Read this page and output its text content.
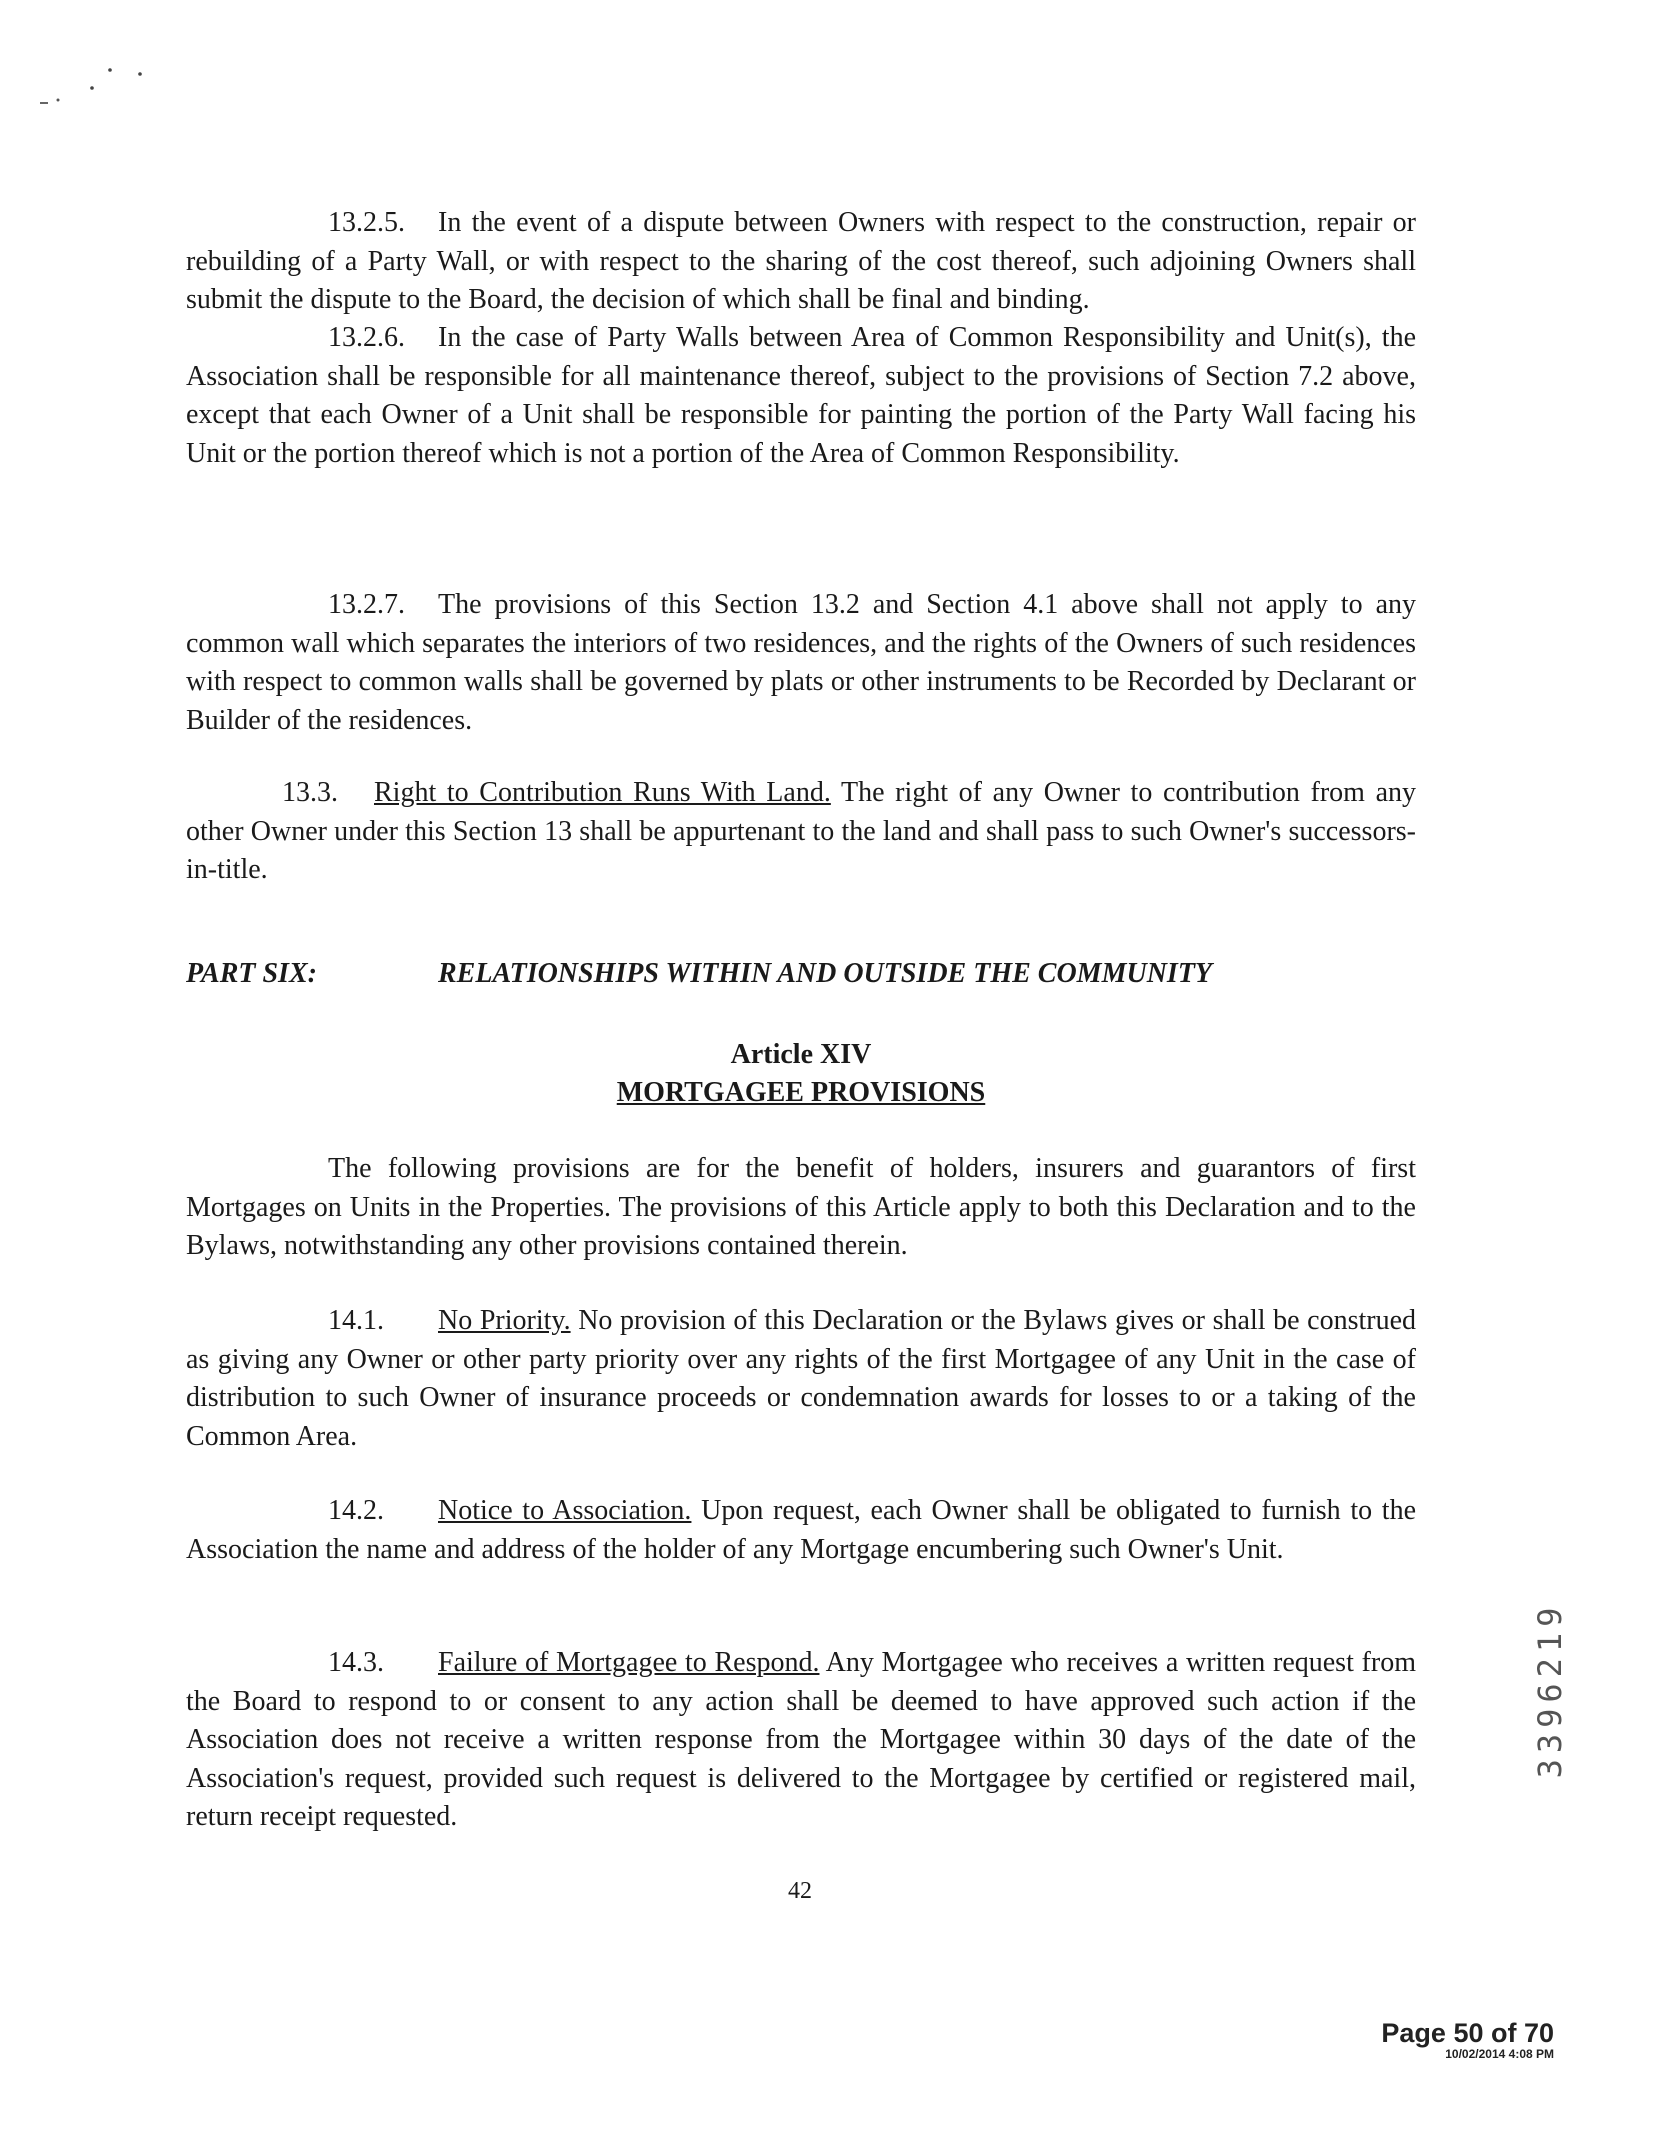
13.2.5. In the event of a dispute between Owners with respect to the construction, repair or rebuilding of a Party Wall, or with respect to the sharing of the cost thereof, such adjoining Owners shall submit the dispute to the Board, the decision of which shall be final and binding.

13.2.6. In the case of Party Walls between Area of Common Responsibility and Unit(s), the Association shall be responsible for all maintenance thereof, subject to the provisions of Section 7.2 above, except that each Owner of a Unit shall be responsible for painting the portion of the Party Wall facing his Unit or the portion thereof which is not a portion of the Area of Common Responsibility.

13.2.7. The provisions of this Section 13.2 and Section 4.1 above shall not apply to any common wall which separates the interiors of two residences, and the rights of the Owners of such residences with respect to common walls shall be governed by plats or other instruments to be Recorded by Declarant or Builder of the residences.

13.3. Right to Contribution Runs With Land. The right of any Owner to contribution from any other Owner under this Section 13 shall be appurtenant to the land and shall pass to such Owner's successors-in-title.

PART SIX:	RELATIONSHIPS WITHIN AND OUTSIDE THE COMMUNITY

Article XIV
MORTGAGEE PROVISIONS

The following provisions are for the benefit of holders, insurers and guarantors of first Mortgages on Units in the Properties. The provisions of this Article apply to both this Declaration and to the Bylaws, notwithstanding any other provisions contained therein.

14.1. No Priority. No provision of this Declaration or the Bylaws gives or shall be construed as giving any Owner or other party priority over any rights of the first Mortgagee of any Unit in the case of distribution to such Owner of insurance proceeds or condemnation awards for losses to or a taking of the Common Area.

14.2. Notice to Association. Upon request, each Owner shall be obligated to furnish to the Association the name and address of the holder of any Mortgage encumbering such Owner's Unit.

14.3. Failure of Mortgagee to Respond. Any Mortgagee who receives a written request from the Board to respond to or consent to any action shall be deemed to have approved such action if the Association does not receive a written response from the Mortgagee within 30 days of the date of the Association's request, provided such request is delivered to the Mortgagee by certified or registered mail, return receipt requested.

42
3396219
Page 50 of 70
10/02/2014 4:08 PM
